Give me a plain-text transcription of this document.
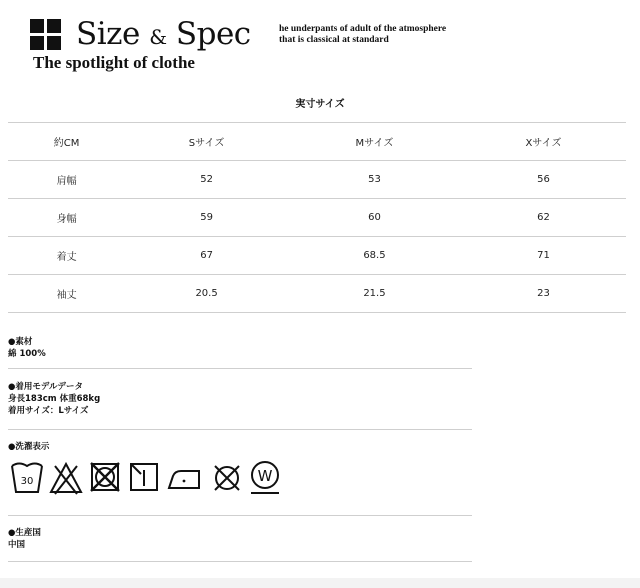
Size & Spec	he underpants of adult of the atmosphere
that is classical at standard
The spotlight of clothe
実寸サイズ
約CM	Sサイズ	Mサイズ	Xサイズ
肩幅	52	53	56
身幅	59	60	62
着丈	67	68.5	71
袖丈	20.5	21.5	23
●素材
綿 100%
●着用モデルデータ
身長183cm 体重68kg
着用サイズ：Lサイズ
●洗濯表示
30	W
●生産国
中国
